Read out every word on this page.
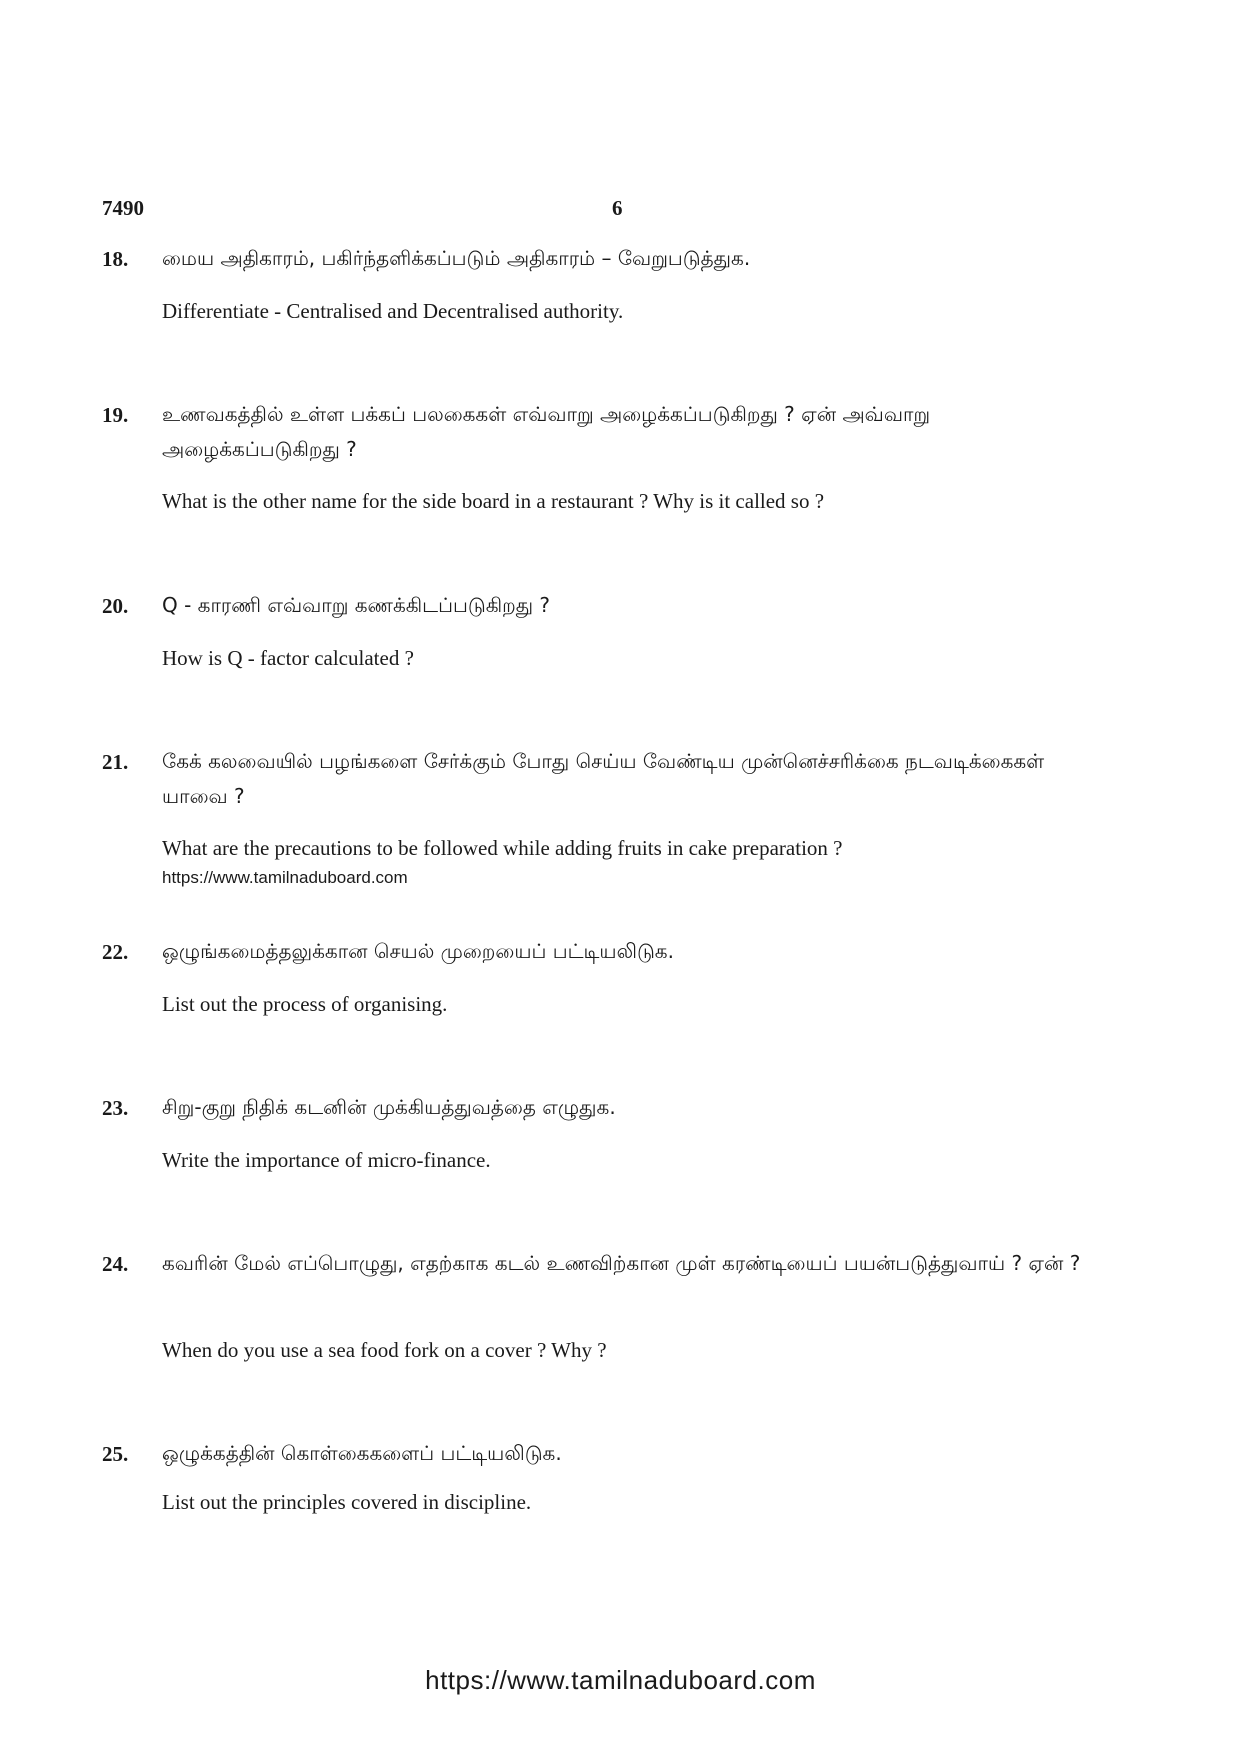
7490	6
18. மைய அதிகாரம், பகிர்ந்தளிக்கப்படும் அதிகாரம் – வேறுபடுத்துக.
Differentiate - Centralised and Decentralised authority.
19. உணவகத்தில் உள்ள பக்கப் பலகைகள் எவ்வாறு அழைக்கப்படுகிறது ? ஏன் அவ்வாறு அழைக்கப்படுகிறது ?
What is the other name for the side board in a restaurant ? Why is it called so ?
20. Q - காரணி எவ்வாறு கணக்கிடப்படுகிறது ?
How is Q - factor calculated ?
21. கேக் கலவையில் பழங்களை சேர்க்கும் போது செய்ய வேண்டிய முன்னெச்சரிக்கை நடவடிக்கைகள் யாவை ?
What are the precautions to be followed while adding fruits in cake preparation ?
https://www.tamilnaduboard.com
22. ஒழுங்கமைத்தலுக்கான செயல் முறையைப் பட்டியலிடுக.
List out the process of organising.
23. சிறு-குறு நிதிக் கடனின் முக்கியத்துவத்தை எழுதுக.
Write the importance of micro-finance.
24. கவரின் மேல் எப்பொழுது, எதற்காக கடல் உணவிற்கான முள் கரண்டியைப் பயன்படுத்துவாய் ? ஏன் ?
When do you use a sea food fork on a cover ? Why ?
25. ஒழுக்கத்தின் கொள்கைகளைப் பட்டியலிடுக.
List out the principles covered in discipline.
https://www.tamilnaduboard.com
